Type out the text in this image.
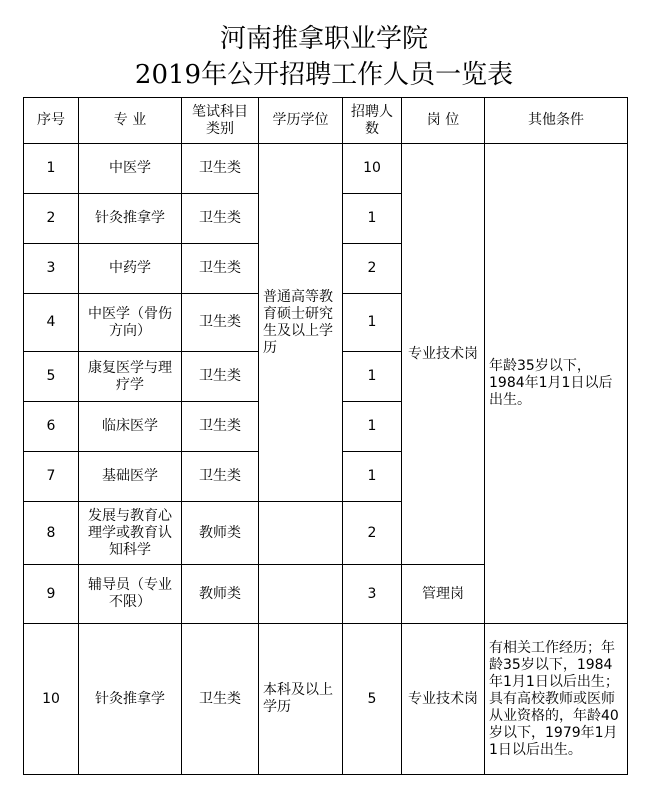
河南推拿职业学院
2019年公开招聘工作人员一览表
序号	专 业	笔试科目类别	学历学位	招聘人数	岗 位	其他条件
1	中医学	卫生类	普通高等教育硕士研究生及以上学历	10	专业技术岗	年龄35岁以下，1984年1月1日以后出生。
2	针灸推拿学	卫生类		1		
3	中药学	卫生类		2		
4	中医学（骨伤方向）	卫生类		1		
5	康复医学与理疗学	卫生类		1		
6	临床医学	卫生类		1		
7	基础医学	卫生类		1		
8	发展与教育心理学或教育认知科学	教师类		2		
9	辅导员（专业不限）	教师类		3	管理岗	
10	针灸推拿学	卫生类	本科及以上学历	5	专业技术岗	有相关工作经历；年龄35岁以下，1984年1月1日以后出生；具有高校教师或医师从业资格的，年龄40岁以下，1979年1月1日以后出生。
